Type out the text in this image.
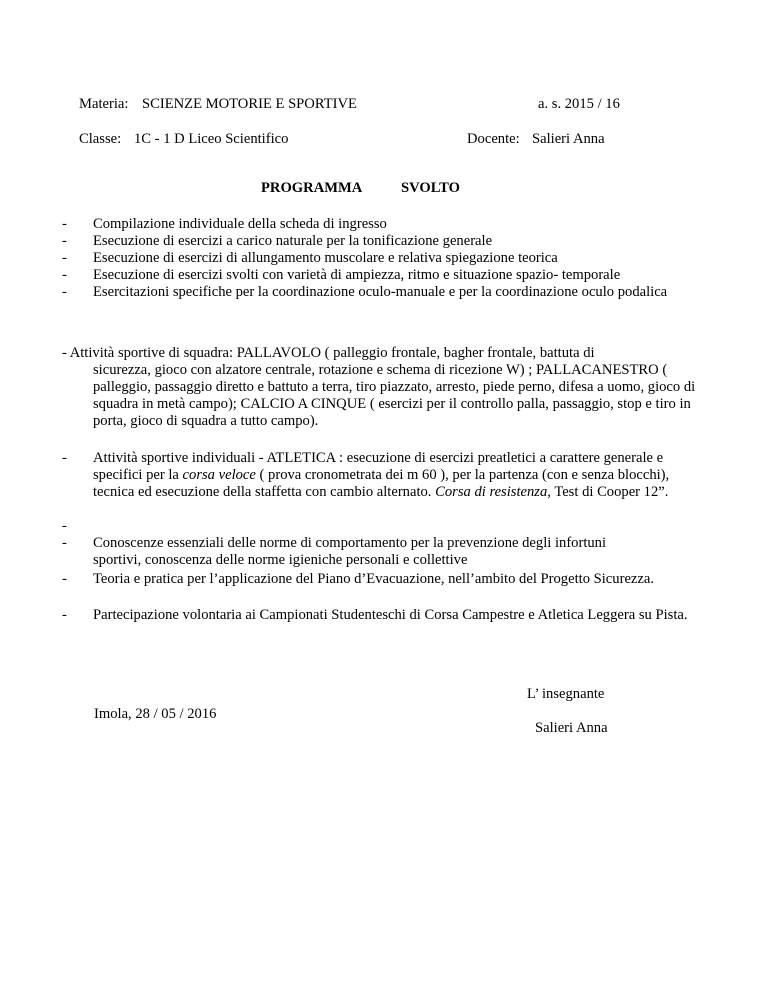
Materia: SCIENZE MOTORIE E SPORTIVE	a. s. 2015 / 16
Classe: 1C - 1 D Liceo Scientifico	Docente: Salieri Anna
PROGRAMMA	SVOLTO
- Compilazione individuale della scheda di ingresso
- Esecuzione di esercizi a carico naturale per la tonificazione generale
- Esecuzione di esercizi di allungamento muscolare e relativa spiegazione teorica
- Esecuzione di esercizi svolti con varietà di ampiezza, ritmo e situazione spazio- temporale
- Esercitazioni specifiche per la coordinazione oculo-manuale e per la coordinazione oculo podalica
- Attività sportive di squadra: PALLAVOLO ( palleggio frontale, bagher frontale, battuta di
sicurezza, gioco con alzatore centrale, rotazione e schema di ricezione W) ; PALLACANESTRO ( palleggio, passaggio diretto e battuto a terra, tiro piazzato, arresto, piede perno, difesa a uomo, gioco di squadra in metà campo); CALCIO A CINQUE ( esercizi per il controllo palla, passaggio, stop e tiro in porta, gioco di squadra a tutto campo).
- Attività sportive individuali - ATLETICA : esecuzione di esercizi preatletici a carattere generale e specifici per la corsa veloce ( prova cronometrata dei m 60 ), per la partenza (con e senza blocchi), tecnica ed esecuzione della staffetta con cambio alternato. Corsa di resistenza, Test di Cooper 12”.
-
- Conoscenze essenziali delle norme di comportamento per la prevenzione degli infortuni sportivi, conoscenza delle norme igieniche personali e collettive
- Teoria e pratica per l’applicazione del Piano d’Evacuazione, nell’ambito del Progetto Sicurezza.
- Partecipazione volontaria ai Campionati Studenteschi di Corsa Campestre e Atletica Leggera su Pista.
L’ insegnante
Imola, 28 / 05 / 2016
Salieri Anna
